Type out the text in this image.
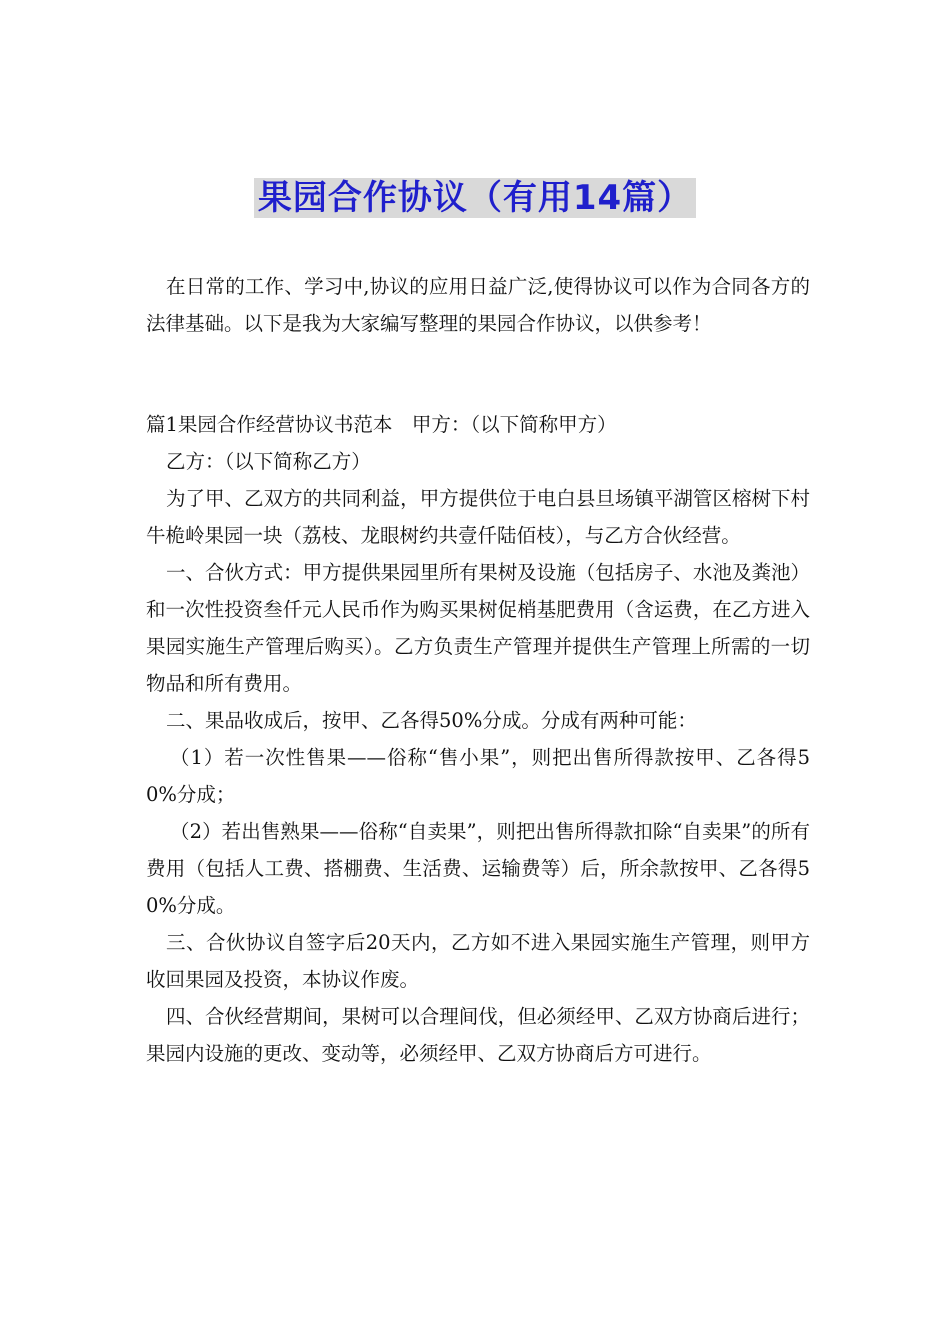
果园合作协议（有用14篇）

在日常的工作、学习中,协议的应用日益广泛,使得协议可以作为合同各方的法律基础。以下是我为大家编写整理的果园合作协议，以供参考！

篇1果园合作经营协议书范本　甲方：（以下简称甲方）

乙方：（以下简称乙方）

为了甲、乙双方的共同利益，甲方提供位于电白县旦场镇平湖管区榕树下村牛桅岭果园一块（荔枝、龙眼树约共壹仟陆佰枝），与乙方合伙经营。

一、合伙方式：甲方提供果园里所有果树及设施（包括房子、水池及粪池）和一次性投资叁仟元人民币作为购买果树促梢基肥费用（含运费，在乙方进入果园实施生产管理后购买）。乙方负责生产管理并提供生产管理上所需的一切物品和所有费用。

二、果品收成后，按甲、乙各得50%分成。分成有两种可能：

（1）若一次性售果——俗称“售小果”，则把出售所得款按甲、乙各得50%分成；

（2）若出售熟果——俗称“自卖果”，则把出售所得款扣除“自卖果”的所有费用（包括人工费、搭棚费、生活费、运输费等）后，所余款按甲、乙各得50%分成。

三、合伙协议自签字后20天内，乙方如不进入果园实施生产管理，则甲方收回果园及投资，本协议作废。

四、合伙经营期间，果树可以合理间伐，但必须经甲、乙双方协商后进行；果园内设施的更改、变动等，必须经甲、乙双方协商后方可进行。
